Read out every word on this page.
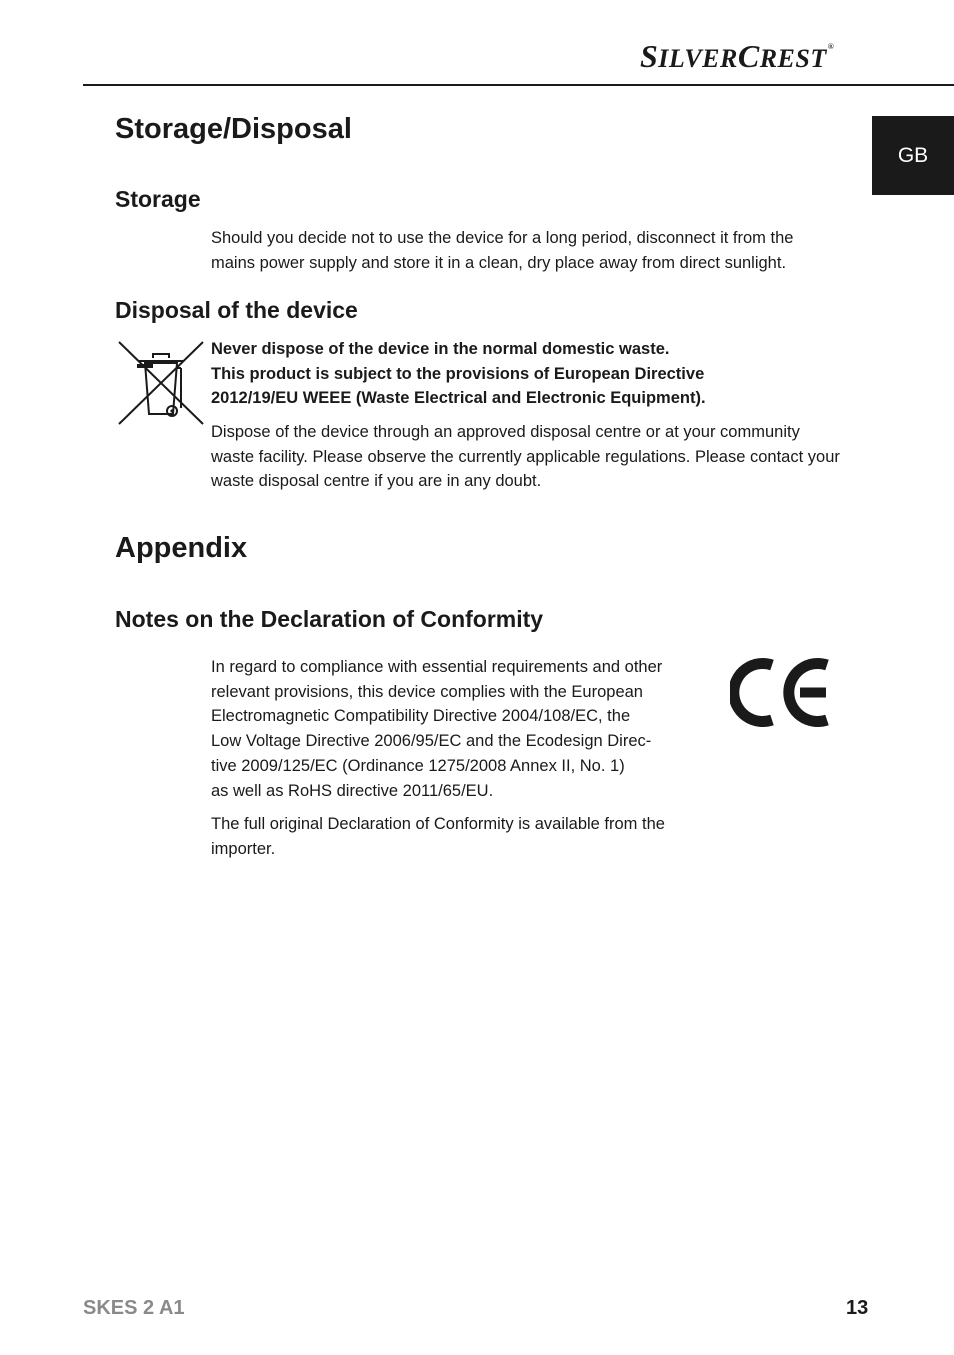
SILVERCREST®
GB
Storage/Disposal
Storage
Should you decide not to use the device for a long period, disconnect it from the mains power supply and store it in a clean, dry place away from direct sunlight.
Disposal of the device
Never dispose of the device in the normal domestic waste.
This product is subject to the provisions of European Directive
2012/19/EU WEEE (Waste Electrical and Electronic Equipment).
Dispose of the device through an approved disposal centre or at your community waste facility. Please observe the currently applicable regulations. Please contact your waste disposal centre if you are in any doubt.
Appendix
Notes on the Declaration of Conformity
In regard to compliance with essential requirements and other
relevant provisions, this device complies with the European
Electromagnetic Compatibility Directive 2004/108/EC, the
Low Voltage Directive 2006/95/EC and the Ecodesign Direc-
tive 2009/125/EC (Ordinance 1275/2008 Annex II, No. 1)
as well as RoHS directive 2011/65/EU.
The full original Declaration of Conformity is available from the importer.
SKES 2 A1	13
